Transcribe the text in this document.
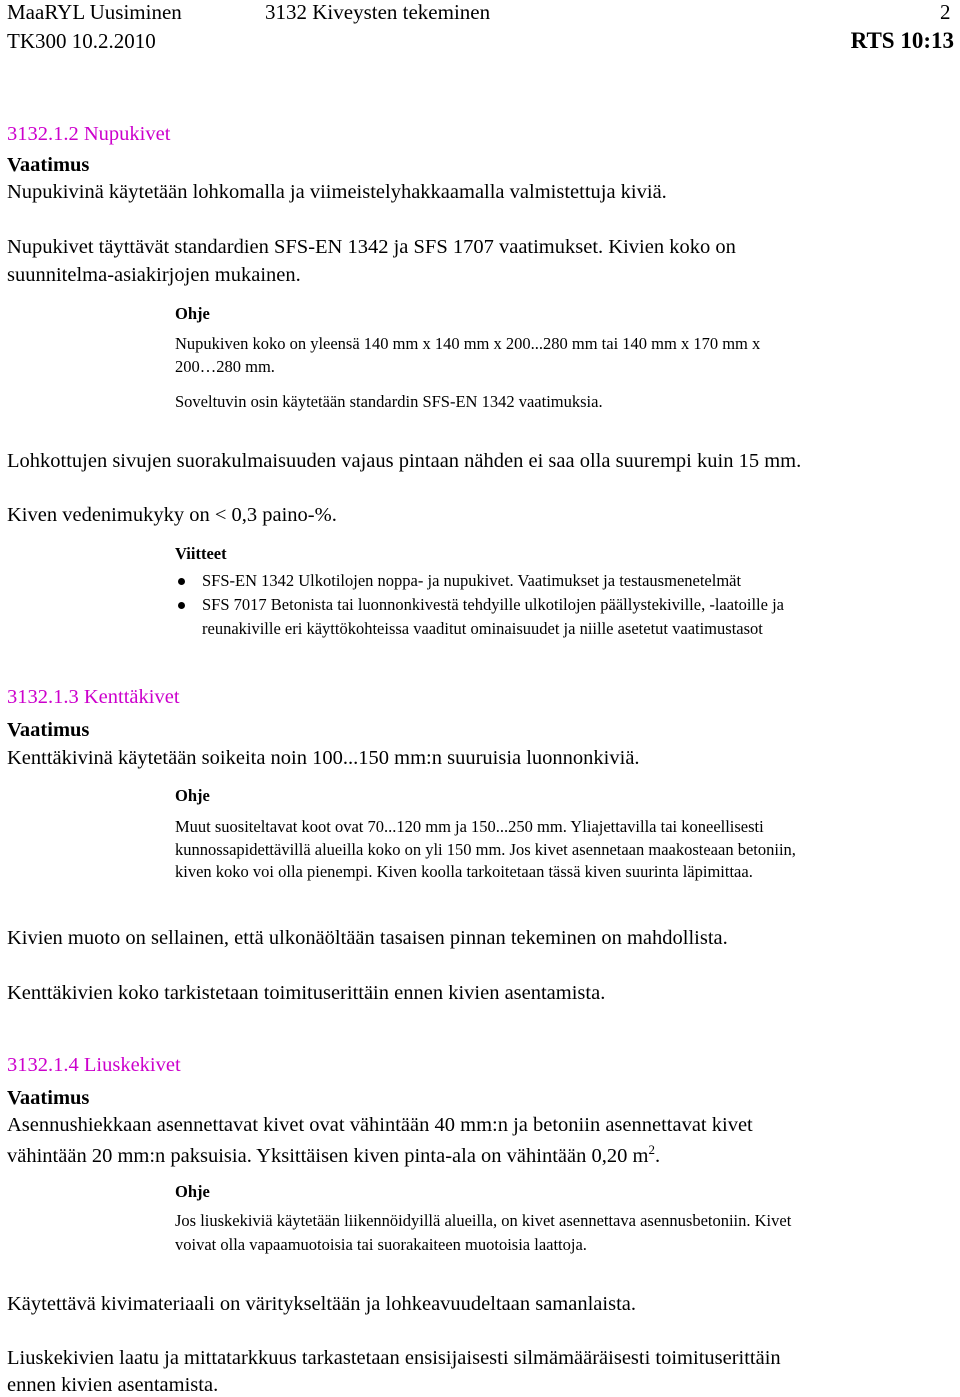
MaaRYL Uusiminen	3132 Kiveysten tekeminen	2
TK300 10.2.2010	RTS 10:13
3132.1.2 Nupukivet
Vaatimus
Nupukivinä käytetään lohkomalla ja viimeistelyhakkaamalla valmistettuja kiviä.
Nupukivet täyttävät standardien SFS-EN 1342 ja SFS 1707 vaatimukset. Kivien koko on
suunnitelma-asiakirjojen mukainen.
Ohje
Nupukiven koko on yleensä 140 mm x 140 mm x 200...280 mm tai 140 mm x 170 mm x
200…280 mm.
Soveltuvin osin käytetään standardin SFS-EN 1342 vaatimuksia.
Lohkottujen sivujen suorakulmaisuuden vajaus pintaan nähden ei saa olla suurempi kuin 15 mm.
Kiven vedenimukyky on < 0,3 paino-%.
Viitteet
SFS-EN 1342 Ulkotilojen noppa- ja nupukivet. Vaatimukset ja testausmenetelmät
SFS 7017 Betonista tai luonnonkivestä tehdyille ulkotilojen päällystekiville, -laatoille ja
reunakiville eri käyttökohteissa vaaditut ominaisuudet ja niille asetetut vaatimustasot
3132.1.3 Kenttäkivet
Vaatimus
Kenttäkivinä käytetään soikeita noin 100...150 mm:n suuruisia luonnonkiviä.
Ohje
Muut suositeltavat koot ovat 70...120 mm ja 150...250 mm. Yliajettavilla tai koneellisesti
kunnossapidettävillä alueilla koko on yli 150 mm. Jos kivet asennetaan maakosteaan betoniin,
kiven koko voi olla pienempi. Kiven koolla tarkoitetaan tässä kiven suurinta läpimittaa.
Kivien muoto on sellainen, että ulkonäöltään tasaisen pinnan tekeminen on mahdollista.
Kenttäkivien koko tarkistetaan toimituserittäin ennen kivien asentamista.
3132.1.4 Liuskekivet
Vaatimus
Asennushiekkaan asennettavat kivet ovat vähintään 40 mm:n ja betoniin asennettavat kivet
vähintään 20 mm:n paksuisia. Yksittäisen kiven pinta-ala on vähintään 0,20 $m^2$.
Ohje
Jos liuskekiviä käytetään liikennöidyillä alueilla, on kivet asennettava asennusbetoniin. Kivet
voivat olla vapaamuotoisia tai suorakaiteen muotoisia laattoja.
Käytettävä kivimateriaali on väritykseltään ja lohkeavuudeltaan samanlaista.
Liuskekivien laatu ja mittatarkkuus tarkastetaan ensisijaisesti silmämääräisesti toimituserittäin
ennen kivien asentamista.
